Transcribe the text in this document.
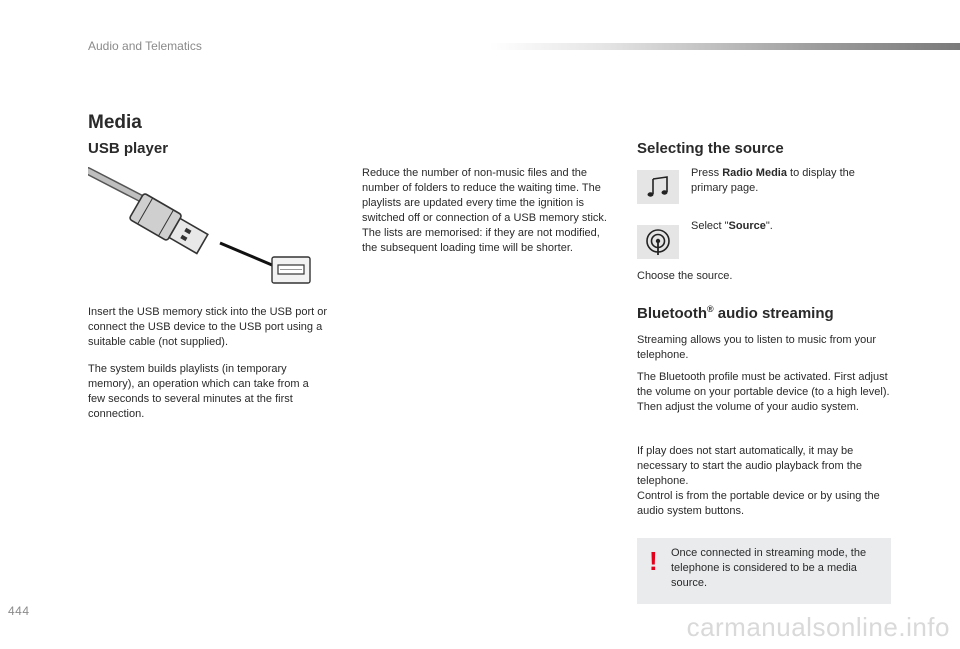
Audio and Telematics
Media
USB player	Selecting the source
Bluetooth® audio streaming

Insert the USB memory stick into the USB port or connect the USB device to the USB port using a suitable cable (not supplied).

The system builds playlists (in temporary memory), an operation which can take from a few seconds to several minutes at the first connection.

Reduce the number of non-music files and the number of folders to reduce the waiting time. The playlists are updated every time the ignition is switched off or connection of a USB memory stick. The lists are memorised: if they are not modified, the subsequent loading time will be shorter.

Press Radio Media to display the primary page.

Select "Source".

Choose the source.

Streaming allows you to listen to music from your telephone.

The Bluetooth profile must be activated. First adjust the volume on your portable device (to a high level).
Then adjust the volume of your audio system.

If play does not start automatically, it may be necessary to start the audio playback from the telephone.
Control is from the portable device or by using the audio system buttons.

! Once connected in streaming mode, the telephone is considered to be a media source.

444
carmanualsonline.info
